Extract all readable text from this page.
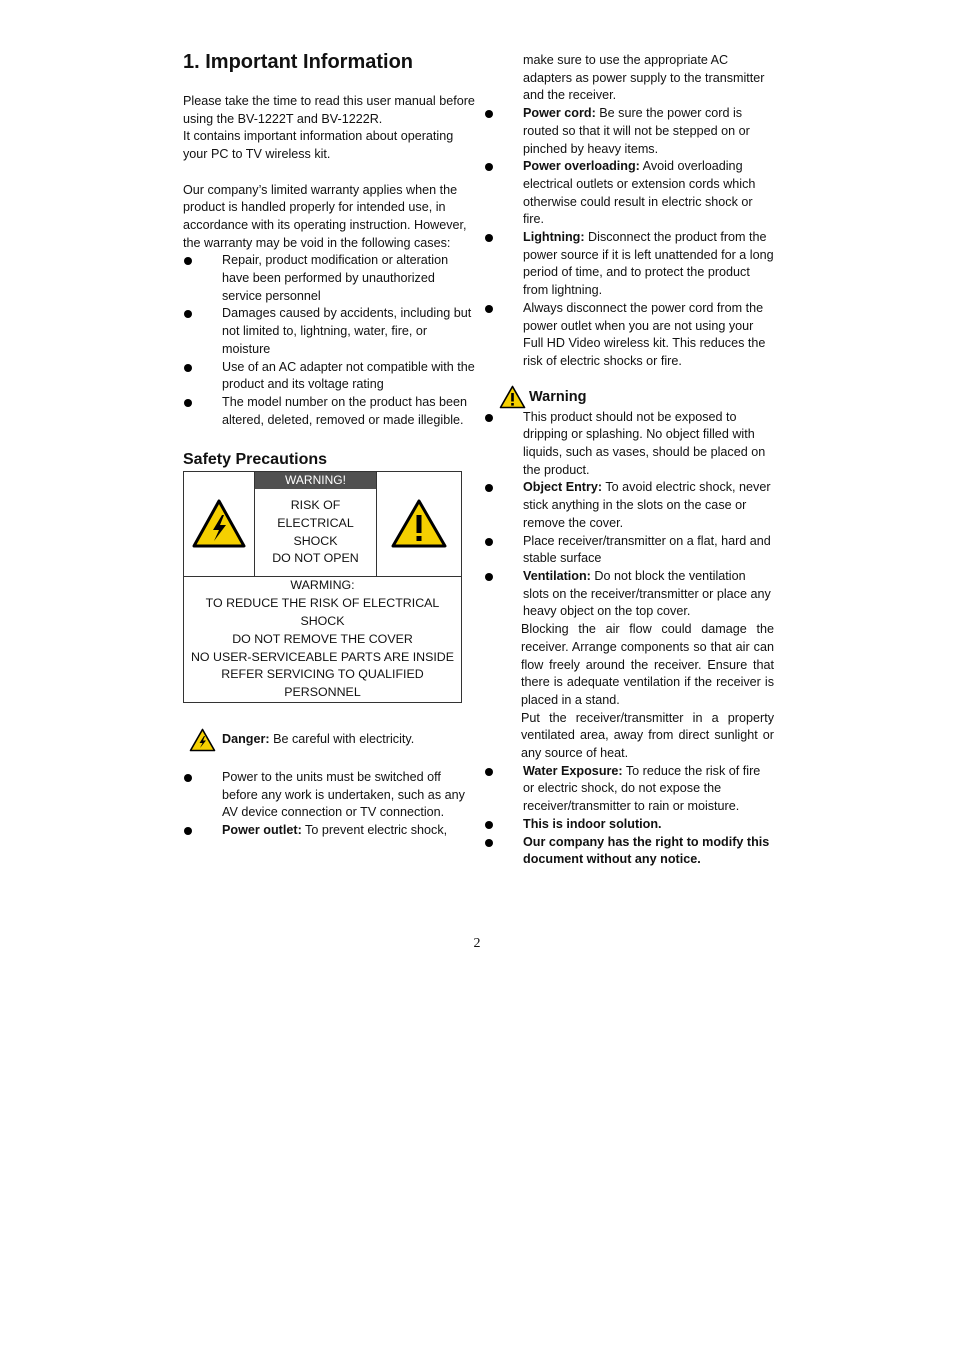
1. Important Information

Please take the time to read this user manual before using the BV-1222T and BV-1222R.

It contains important information about operating your PC to TV wireless kit.

Our company’s limited warranty applies when the product is handled properly for intended use, in accordance with its operating instruction. However, the warranty may be void in the following cases:

Repair, product modification or alteration have been performed by unauthorized service personnel
Damages caused by accidents, including but not limited to, lightning, water, fire, or moisture
Use of an AC adapter not compatible with the product and its voltage rating
The model number on the product has been altered, deleted, removed or made illegible.
Safety Precautions
WARNING!
RISK OF
ELECTRICAL
SHOCK
DO NOT OPEN
WARMING:
TO REDUCE THE RISK OF ELECTRICAL SHOCK
DO NOT REMOVE THE COVER
NO USER-SERVICEABLE PARTS ARE INSIDE
REFER SERVICING TO QUALIFIED
PERSONNEL
Danger: Be careful with electricity.
Power to the units must be switched off before any work is undertaken, such as any AV device connection or TV connection.
Power outlet: To prevent electric shock,
make sure to use the appropriate AC adapters as power supply to the transmitter and the receiver.
Power cord: Be sure the power cord is routed so that it will not be stepped on or pinched by heavy items.
Power overloading: Avoid overloading electrical outlets or extension cords which otherwise could result in electric shock or fire.
Lightning: Disconnect the product from the power source if it is left unattended for a long period of time, and to protect the product from lightning.
Always disconnect the power cord from the power outlet when you are not using your Full HD Video wireless kit. This reduces the risk of electric shocks or fire.
Warning
This product should not be exposed to dripping or splashing. No object filled with liquids, such as vases, should be placed on the product.
Object Entry: To avoid electric shock, never stick anything in the slots on the case or remove the cover.
Place receiver/transmitter on a flat, hard and stable surface
Ventilation: Do not block the ventilation slots on the receiver/transmitter or place any heavy object on the top cover.
Blocking the air flow could damage the receiver. Arrange components so that air can flow freely around the receiver. Ensure that there is adequate ventilation if the receiver is placed in a stand.
Put the receiver/transmitter in a property ventilated area, away from direct sunlight or any source of heat.
Water Exposure: To reduce the risk of fire or electric shock, do not expose the receiver/transmitter to rain or moisture.
This is indoor solution.
Our company has the right to modify this document without any notice.
2
